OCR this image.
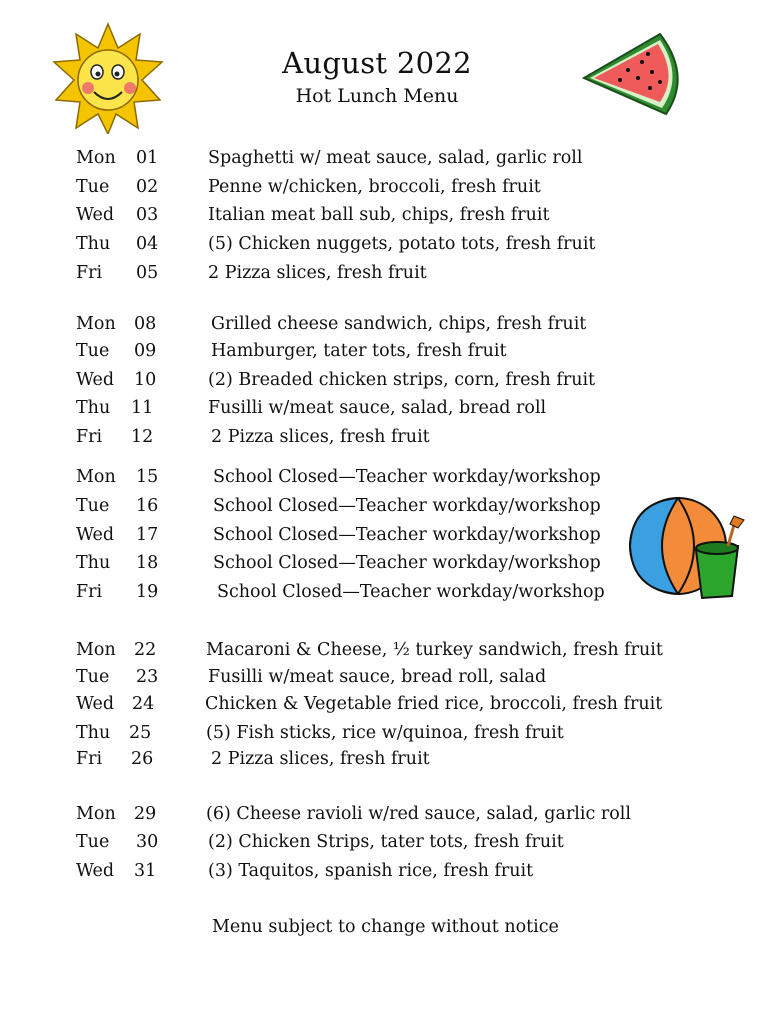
August 2022
Hot Lunch Menu
Mon 01	Spaghetti w/ meat sauce, salad, garlic roll
Tue 02	Penne w/chicken, broccoli, fresh fruit
Wed 03	Italian meat ball sub, chips, fresh fruit
Thu 04	(5) Chicken nuggets, potato tots, fresh fruit
Fri 05	2 Pizza slices, fresh fruit
Mon 08	Grilled cheese sandwich, chips, fresh fruit
Tue 09	Hamburger, tater tots, fresh fruit
Wed 10	(2) Breaded chicken strips, corn, fresh fruit
Thu 11	Fusilli w/meat sauce, salad, bread roll
Fri 12	2 Pizza slices, fresh fruit
Mon 15	School Closed—Teacher workday/workshop
Tue 16	School Closed—Teacher workday/workshop
Wed 17	School Closed—Teacher workday/workshop
Thu 18	School Closed—Teacher workday/workshop
Fri 19	School Closed—Teacher workday/workshop
Mon 22	Macaroni & Cheese, ½ turkey sandwich, fresh fruit
Tue 23	Fusilli w/meat sauce, bread roll, salad
Wed 24	Chicken & Vegetable fried rice, broccoli, fresh fruit
Thu 25	(5) Fish sticks, rice w/quinoa, fresh fruit
Fri 26	2 Pizza slices, fresh fruit
Mon 29	(6) Cheese ravioli w/red sauce, salad, garlic roll
Tue 30	(2) Chicken Strips, tater tots, fresh fruit
Wed 31	(3) Taquitos, spanish rice, fresh fruit
Menu subject to change without notice
